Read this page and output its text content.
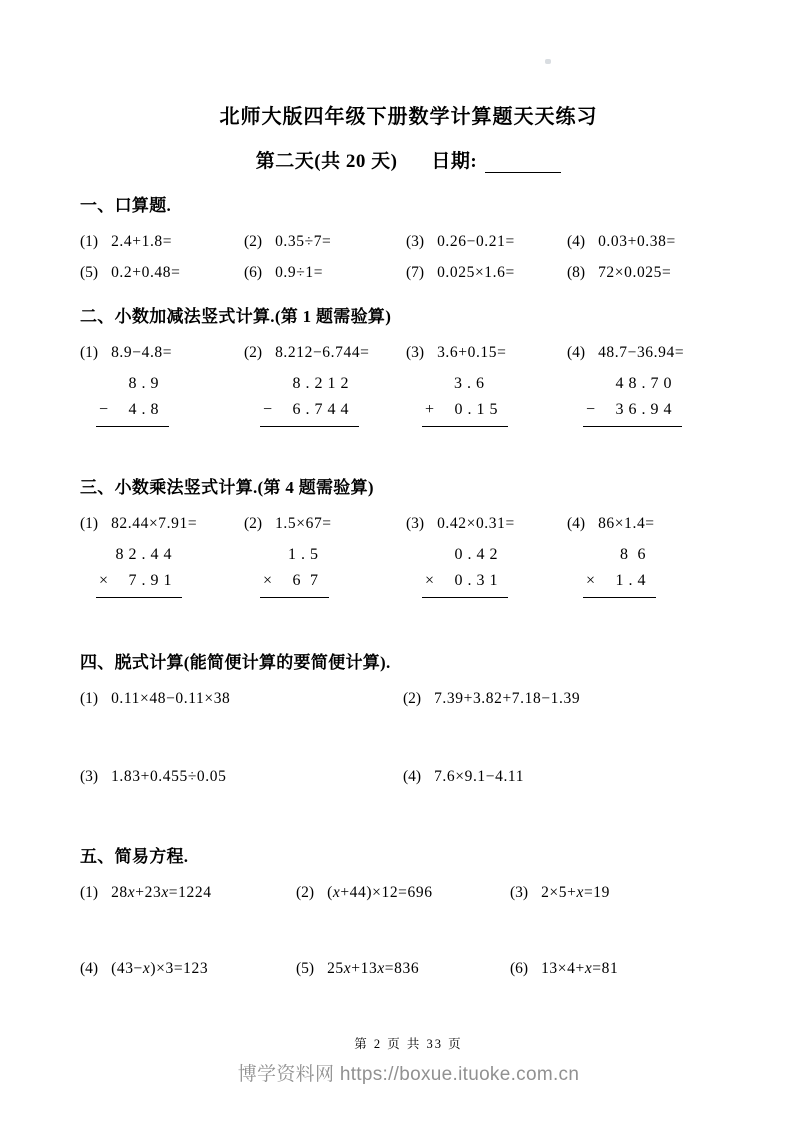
北师大版四年级下册数学计算题天天练习
第二天(共 20 天) 日期:
一、口算题.
(1) 2.4+1.8=	(2) 0.35÷7=	(3) 0.26−0.21=	(4) 0.03+0.38=
(5) 0.2+0.48=	(6) 0.9÷1=	(7) 0.025×1.6=	(8) 72×0.025=
二、小数加减法竖式计算.(第 1 题需验算)
(1) 8.9−4.8=
8 . 9
− 4 . 8
(2) 8.212−6.744=
8 . 2 1 2
− 6 . 7 4 4
(3) 3.6+0.15=
3 . 6
+ 0 . 1 5
(4) 48.7−36.94=
4 8 . 7 0
− 3 6 . 9 4
三、小数乘法竖式计算.(第 4 题需验算)
(1) 82.44×7.91=
8 2 . 4 4
× 7 . 9 1
(2) 1.5×67=
1 . 5
× 6  7
(3) 0.42×0.31=
0 . 4 2
× 0 . 3 1
(4) 86×1.4=
8  6
× 1 . 4
四、脱式计算(能简便计算的要简便计算).
(1) 0.11×48−0.11×38	(2) 7.39+3.82+7.18−1.39
(3) 1.83+0.455÷0.05	(4) 7.6×9.1−4.11
五、简易方程.
(1) 28x+23x=1224	(2) (x+44)×12=696	(3) 2×5+x=19
(4) (43−x)×3=123	(5) 25x+13x=836	(6) 13×4+x=81
第 2 页 共 33 页
博学资料网 https://boxue.ituoke.com.cn
